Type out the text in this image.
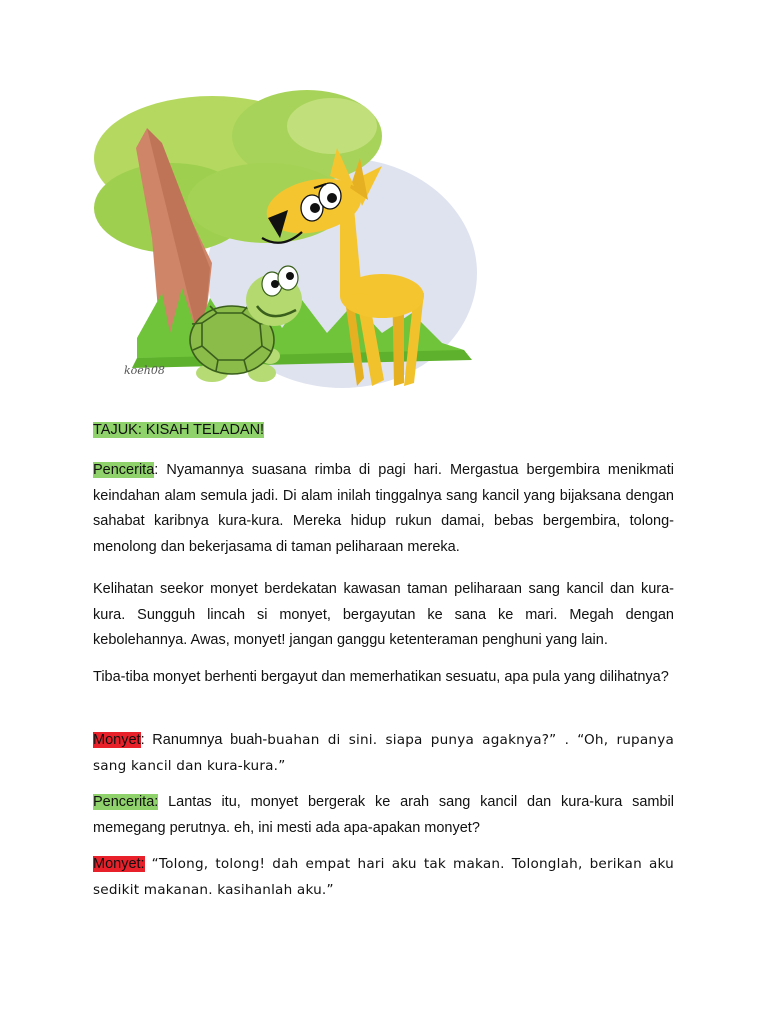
koeh08
TAJUK: KISAH TELADAN!

Pencerita: Nyamannya suasana rimba di pagi hari. Mergastua bergembira menikmati keindahan alam semula jadi. Di alam inilah tinggalnya sang kancil yang bijaksana dengan sahabat karibnya kura-kura. Mereka hidup rukun damai, bebas bergembira, tolong-menolong dan bekerjasama di taman peliharaan mereka.

Kelihatan seekor monyet berdekatan kawasan taman peliharaan sang kancil dan kura-kura. Sungguh lincah si monyet, bergayutan ke sana ke mari. Megah dengan kebolehannya. Awas, monyet! jangan ganggu ketenteraman penghuni yang lain.

Tiba-tiba monyet berhenti bergayut dan memerhatikan sesuatu, apa pula yang dilihatnya?

Monyet: Ranumnya buah-buahan di sini. siapa punya agaknya?” . “Oh, rupanya sang kancil dan kura-kura.”

Pencerita: Lantas itu, monyet bergerak ke arah sang kancil dan kura-kura sambil memegang perutnya. eh, ini mesti ada apa-apakan monyet?

Monyet: “Tolong, tolong! dah empat hari aku tak makan. Tolonglah, berikan aku sedikit makanan. kasihanlah aku.”
